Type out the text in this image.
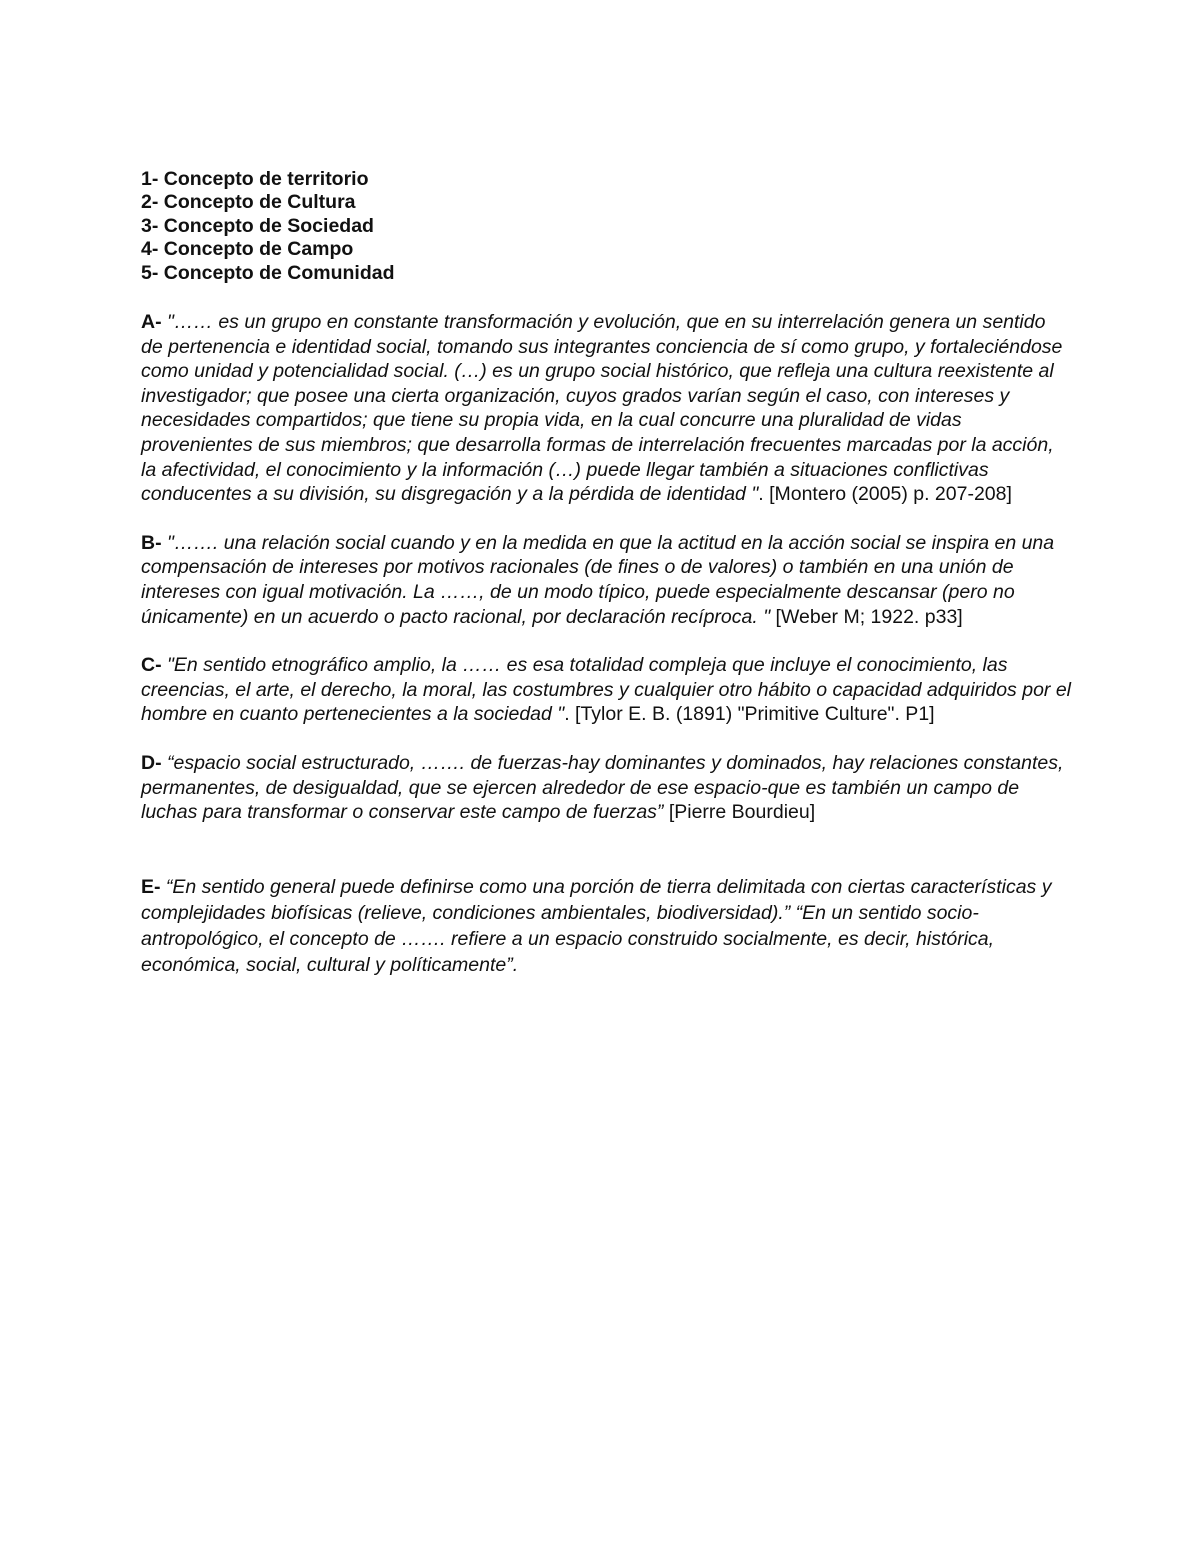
1- Concepto de territorio
2- Concepto de Cultura
3- Concepto de Sociedad
4- Concepto de Campo
5- Concepto de Comunidad

A- "…… es un grupo en constante transformación y evolución, que en su interrelación genera un sentido de pertenencia e identidad social, tomando sus integrantes conciencia de sí como grupo, y fortaleciéndose como unidad y potencialidad social. (…) es un grupo social histórico, que refleja una cultura reexistente al investigador; que posee una cierta organización, cuyos grados varían según el caso, con intereses y necesidades compartidos; que tiene su propia vida, en la cual concurre una pluralidad de vidas provenientes de sus miembros; que desarrolla formas de interrelación frecuentes marcadas por la acción, la afectividad, el conocimiento y la información (…) puede llegar también a situaciones conflictivas conducentes a su división, su disgregación y a la pérdida de identidad ". [Montero (2005) p. 207-208]

B- "……. una relación social cuando y en la medida en que la actitud en la acción social se inspira en una compensación de intereses por motivos racionales (de fines o de valores) o también en una unión de intereses con igual motivación. La ……, de un modo típico, puede especialmente descansar (pero no únicamente) en un acuerdo o pacto racional, por declaración recíproca. " [Weber M; 1922. p33]

C- "En sentido etnográfico amplio, la …… es esa totalidad compleja que incluye el conocimiento, las creencias, el arte, el derecho, la moral, las costumbres y cualquier otro hábito o capacidad adquiridos por el hombre en cuanto pertenecientes a la sociedad ". [Tylor E. B. (1891) "Primitive Culture". P1]

D- “espacio social estructurado, ……. de fuerzas-hay dominantes y dominados, hay relaciones constantes, permanentes, de desigualdad, que se ejercen alrededor de ese espacio-que es también un campo de luchas para transformar o conservar este campo de fuerzas” [Pierre Bourdieu]

E- “En sentido general puede definirse como una porción de tierra delimitada con ciertas características y complejidades biofísicas (relieve, condiciones ambientales, biodiversidad).” “En un sentido socio-antropológico, el concepto de ……. refiere a un espacio construido socialmente, es decir, histórica, económica, social, cultural y políticamente”.
